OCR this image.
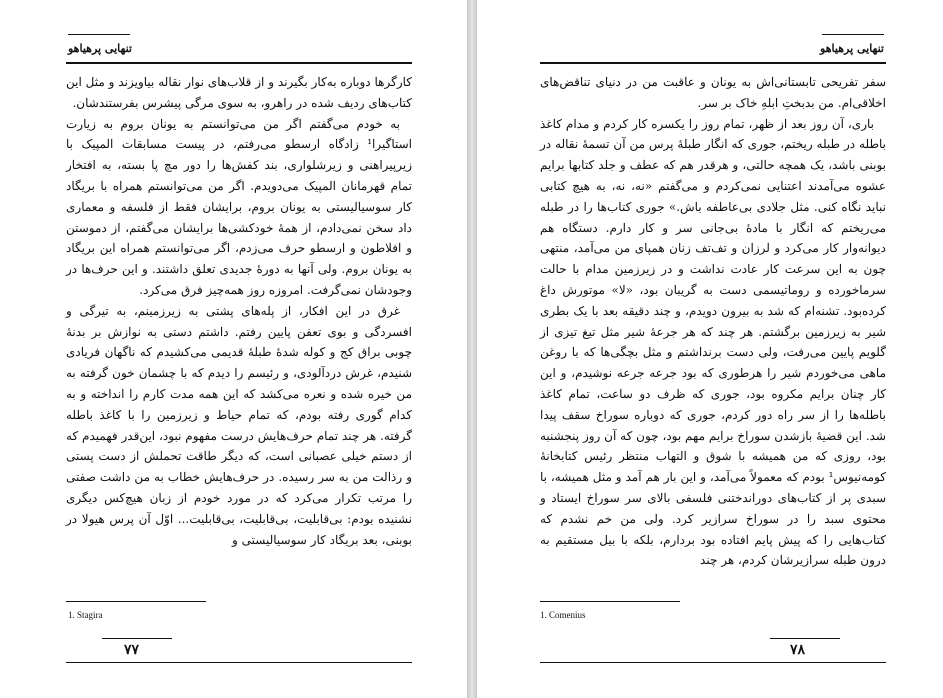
تنهایی پرهیاهو

کارگرها دوباره به‌کار بگیرند و از قلاب‌های نوار نقاله بیاویزند و مثل این کتاب‌های ردیف شده در راهرو، به سوی مرگی پیشرس بفرستندشان.

به خودم می‌گفتم اگر من می‌توانستم به یونان بروم به زیارت استاگیرا¹ زادگاه ارسطو می‌رفتم، در پیست مسابقات المپیک با زیرپیراهنی و زیرشلواری، بند کفش‌ها را دور مچ پا بسته، به افتخار تمام قهرمانان المپیک می‌دویدم. اگر من می‌توانستم همراه با بریگاد کار سوسیالیستی به یونان بروم، برایشان فقط از فلسفه و معماری داد سخن نمی‌دادم، از همهٔ خودکشی‌ها برایشان می‌گفتم، از دموستن و افلاطون و ارسطو حرف می‌زدم، اگر می‌توانستم همراه این بریگاد به یونان بروم. ولی آنها به دورهٔ جدیدی تعلق داشتند. و این حرف‌ها در وجودشان نمی‌گرفت. امروزه روز همه‌چیز فرق می‌کرد.

غرق در این افکار، از پله‌های پشتی به زیرزمینم، به تیرگی و افسردگی و بوی تعفن پایین رفتم. داشتم دستی به نوازش بر بدنهٔ چوبی براق کج و کوله شدهٔ طبلهٔ قدیمی می‌کشیدم که ناگهان فریادی شنیدم، غرش دردآلودی، و رئیسم را دیدم که با چشمان خون گرفته به من خیره شده و نعره می‌کشد که این همه مدت کارم را انداخته و به کدام گوری رفته بودم، که تمام حیاط و زیرزمین را با کاغذ باطله گرفته. هر چند تمام حرف‌هایش درست مفهوم نبود، این‌قدر فهمیدم که از دستم خیلی عصبانی است، که دیگر طاقت تحملش از دست پستی و رذالت من به سر رسیده. در حرف‌هایش خطاب به من داشت صفتی را مرتب تکرار می‌کرد که در مورد خودم از زبان هیچ‌کس دیگری نشنیده بودم: بی‌قابلیت، بی‌قابلیت، بی‌قابلیت... اوّل آن پرس هیولا در بوبنی، بعد بریگاد کار سوسیالیستی و

1. Stagira
۷۷
تنهایی پرهیاهو

سفر تفریحی تابستانی‌اش به یونان و عاقبت من در دنیای تناقض‌های اخلاقی‌ام. من بدبختِ ابلهِ خاک بر سر.

باری، آن روز بعد از ظهر، تمام روز را یکسره کار کردم و مدام کاغذ باطله در طبله ریختم، جوری که انگار طبلهٔ پرس من آن تسمهٔ نقاله در بوبنی باشد، یک همچه حالتی، و هرقدر هم که عطف و جلد کتابها برایم عشوه می‌آمدند اعتنایی نمی‌کردم و می‌گفتم «نه، نه، به هیچ کتابی نباید نگاه کنی. مثل جلادی بی‌عاطفه باش.» جوری کتاب‌ها را در طبله می‌ریختم که انگار با مادهٔ بی‌جانی سر و کار دارم. دستگاه هم دیوانه‌وار کار می‌کرد و لرزان و تف‌تف زنان همپای من می‌آمد، منتهی چون به این سرعت کار عادت نداشت و در زیرزمین مدام با حالت سرماخورده و روماتیسمی دست به گریبان بود، «لا» موتورش داغ کرده‌بود. تشنه‌ام که شد به بیرون دویدم، و چند دقیقه بعد با یک بطری شیر به زیرزمین برگشتم. هر چند که هر جرعهٔ شیر مثل تیغ تیزی از گلویم پایین می‌رفت، ولی دست برنداشتم و مثل بچگی‌ها که با روغن ماهی می‌خوردم شیر را هرطوری که بود جرعه جرعه نوشیدم، و این کار چنان برایم مکروه بود، جوری که ظرف دو ساعت، تمام کاغذ باطله‌ها را از سر راه دور کردم، جوری که دوباره سوراخ سقف پیدا شد. این قضیهٔ بازشدن سوراخ برایم مهم بود، چون که آن روز پنجشنبه بود، روزی که من همیشه با شوق و التهاب منتظر رئیس کتابخانهٔ کومه‌نیوس¹ بودم که معمولاً می‌آمد، و این بار هم آمد و مثل همیشه، با سبدی پر از کتاب‌های دوراندختنی فلسفی بالای سر سوراخ ایستاد و محتوی سبد را در سوراخ سرازیر کرد. ولی من خم نشدم که کتاب‌هایی را که پیش پایم افتاده بود بردارم، بلکه با بیل مستقیم به درون طبله سرازیرشان کردم، هر چند

1. Comenius
۷۸
